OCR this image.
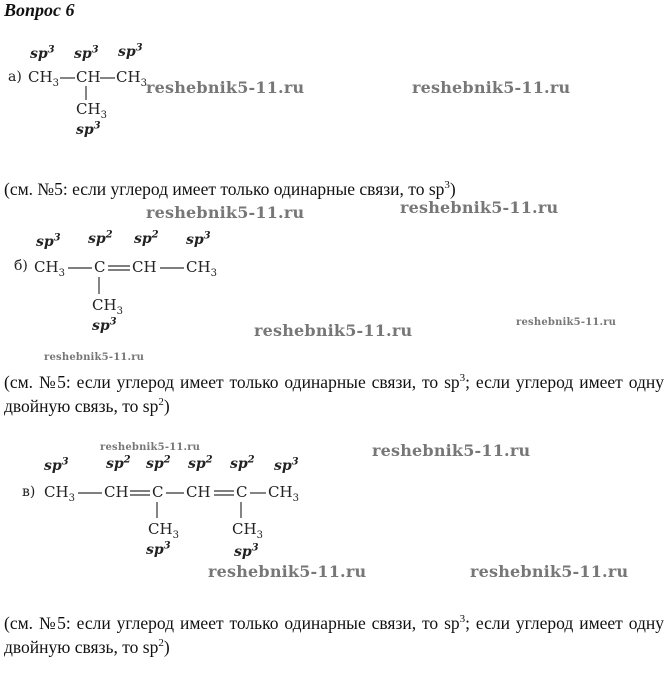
Вопрос 6
а)
$sp^3$ $sp^3$ $sp^3$
$sp^3$
$CH_3$ CH $CH_3$
$CH_3$
reshebnik5-11.ru	reshebnik5-11.ru
reshebnik5-11.ru	reshebnik5-11.ru
reshebnik5-11.ru	reshebnik5-11.ru
reshebnik5-11.ru
reshebnik5-11.ru	reshebnik5-11.ru
reshebnik5-11.ru	reshebnik5-11.ru
(см. №5: если углерод имеет только одинарные связи, то $sp^3$)
б)
$sp^3$ $sp^2$ $sp^2$ $sp^3$
$sp^3$
$CH_3$ C CH $CH_3$
$CH_3$
(см. №5: если углерод имеет только одинарные связи, то $sp^3$; если углерод имеет одну двойную связь, то $sp^2$)
в)
$sp^3$	$sp^2$ $sp^2$ $sp^2$ $sp^2$ $sp^3$
$sp^3$	$sp^3$
$CH_3$ CH C CH C $CH_3$
$CH_3$	$CH_3$
(см. №5: если углерод имеет только одинарные связи, то $sp^3$; если углерод имеет одну двойную связь, то $sp^2$)
